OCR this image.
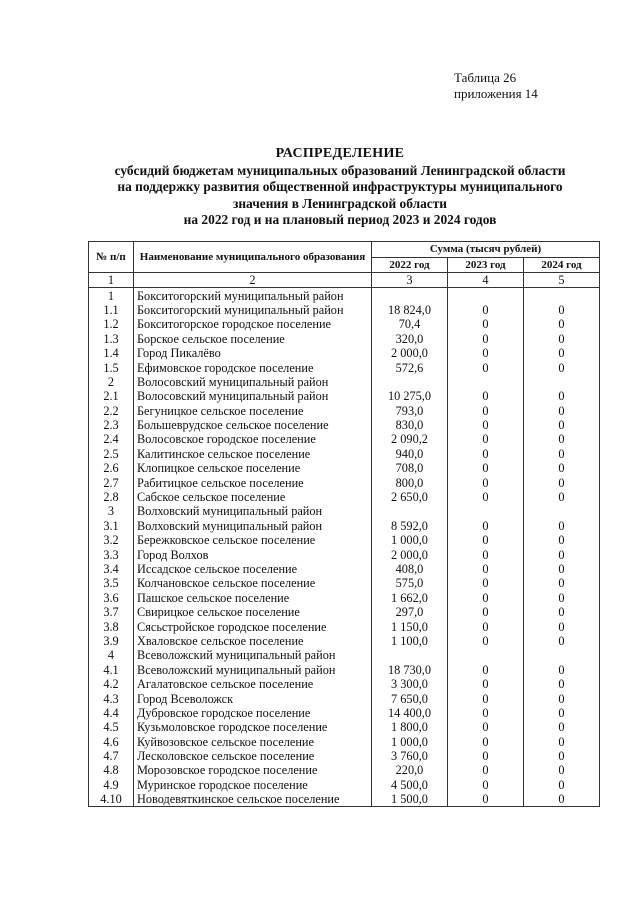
Таблица 26
приложения 14
РАСПРЕДЕЛЕНИЕ
субсидий бюджетам муниципальных образований Ленинградской области
на поддержку развития общественной инфраструктуры муниципального
значения в Ленинградской области
на 2022 год и на плановый период 2023 и 2024 годов
№ п/п	Наименование муниципального образования	Сумма (тысяч рублей)		
		2022 год	2023 год	2024 год
1	2	3	4	5
1	Бокситогорский муниципальный район			
1.1	Бокситогорский муниципальный район	18 824,0	0	0
1.2	Бокситогорское городское поселение	70,4	0	0
1.3	Борское сельское поселение	320,0	0	0
1.4	Город Пикалёво	2 000,0	0	0
1.5	Ефимовское городское поселение	572,6	0	0
2	Волосовский муниципальный район			
2.1	Волосовский муниципальный район	10 275,0	0	0
2.2	Бегуницкое сельское поселение	793,0	0	0
2.3	Большеврудское сельское поселение	830,0	0	0
2.4	Волосовское городское поселение	2 090,2	0	0
2.5	Калитинское сельское поселение	940,0	0	0
2.6	Клопицкое сельское поселение	708,0	0	0
2.7	Рабитицкое сельское поселение	800,0	0	0
2.8	Сабское сельское поселение	2 650,0	0	0
3	Волховский муниципальный район			
3.1	Волховский муниципальный район	8 592,0	0	0
3.2	Бережковское сельское поселение	1 000,0	0	0
3.3	Город Волхов	2 000,0	0	0
3.4	Иссадское сельское поселение	408,0	0	0
3.5	Колчановское сельское поселение	575,0	0	0
3.6	Пашское сельское поселение	1 662,0	0	0
3.7	Свирицкое сельское поселение	297,0	0	0
3.8	Сясьстройское городское поселение	1 150,0	0	0
3.9	Хваловское сельское поселение	1 100,0	0	0
4	Всеволожский муниципальный район			
4.1	Всеволожский муниципальный район	18 730,0	0	0
4.2	Агалатовское сельское поселение	3 300,0	0	0
4.3	Город Всеволожск	7 650,0	0	0
4.4	Дубровское городское поселение	14 400,0	0	0
4.5	Кузьмоловское городское поселение	1 800,0	0	0
4.6	Куйвозовское сельское поселение	1 000,0	0	0
4.7	Лесколовское сельское поселение	3 760,0	0	0
4.8	Морозовское городское поселение	220,0	0	0
4.9	Муринское городское поселение	4 500,0	0	0
4.10	Новодевяткинское сельское поселение	1 500,0	0	0
